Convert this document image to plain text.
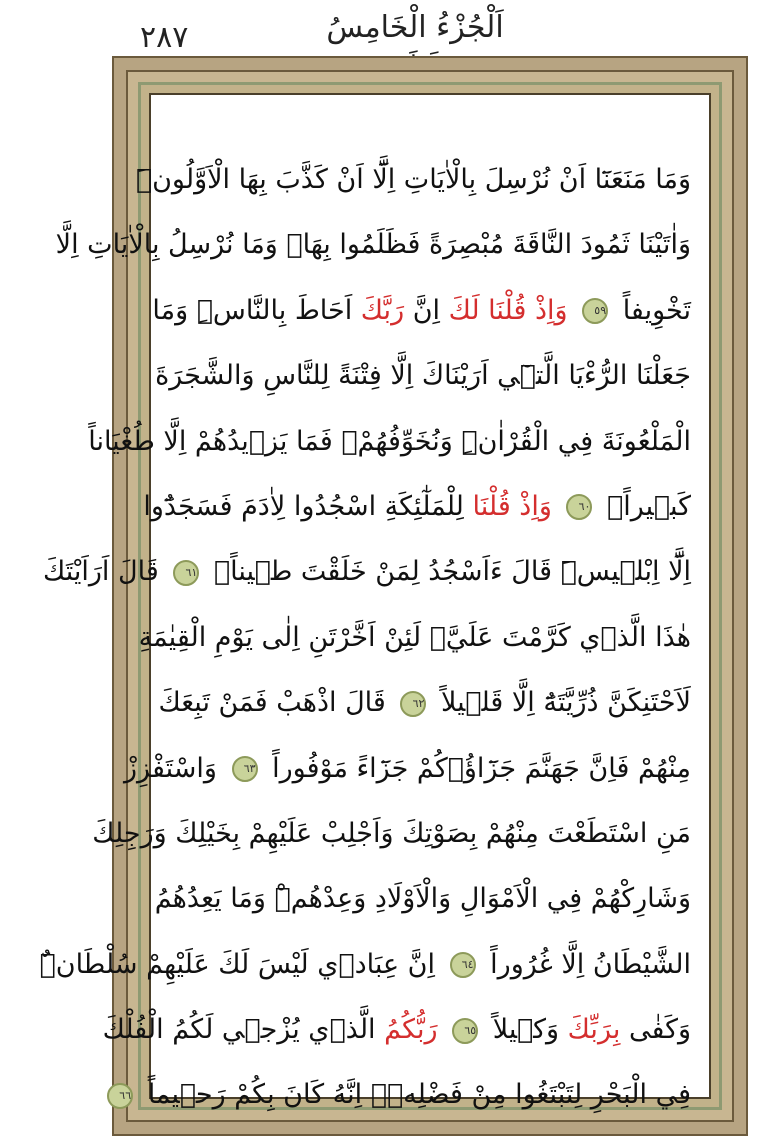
٢٨٧	اَلْجُزْءُ الْخَامِسُ
وَمَا مَنَعَنَٓا اَنْ نُرْسِلَ بِالْاٰيَاتِ اِلَّٓا اَنْ كَذَّبَ بِهَا الْاَوَّلُونَۜ
وَاٰتَيْنَا ثَمُودَ النَّاقَةَ مُبْصِرَةً فَظَلَمُوا بِهَاۜ وَمَا نُرْسِلُ بِالْاٰيَاتِ اِلَّا
تَخْوِيفاً ٥٩ وَاِذْ قُلْنَا لَكَ اِنَّ رَبَّكَ اَحَاطَ بِالنَّاسِۜ وَمَا
جَعَلْنَا الرُّءْيَا الَّت۪ٓي اَرَيْنَاكَ اِلَّا فِتْنَةً لِلنَّاسِ وَالشَّجَرَةَ
الْمَلْعُونَةَ فِي الْقُرْاٰنِۜ وَنُخَوِّفُهُمْۙ فَمَا يَز۪يدُهُمْ اِلَّا طُغْيَاناً
كَب۪يراً۟ ٦٠ وَاِذْ قُلْنَا لِلْمَلٰٓئِكَةِ اسْجُدُوا لِاٰدَمَ فَسَجَدُٓوا
اِلَّٓا اِبْل۪يسَۜ قَالَ ءَاَسْجُدُ لِمَنْ خَلَقْتَ ط۪يناًۚ ٦١ قَالَ اَرَاَيْتَكَ
هٰذَا الَّذ۪ي كَرَّمْتَ عَلَيَّۘ لَئِنْ اَخَّرْتَنِ اِلٰى يَوْمِ الْقِيٰمَةِ
لَاَحْتَنِكَنَّ ذُرِّيَّتَهُٓ اِلَّا قَل۪يلاً ٦٢ قَالَ اذْهَبْ فَمَنْ تَبِعَكَ
مِنْهُمْ فَاِنَّ جَهَنَّمَ جَزَٓاؤُ۬كُمْ جَزَٓاءً مَوْفُوراً ٦٣ وَاسْتَفْزِزْ
مَنِ اسْتَطَعْتَ مِنْهُمْ بِصَوْتِكَ وَاَجْلِبْ عَلَيْهِمْ بِخَيْلِكَ وَرَجِلِكَ
وَشَارِكْهُمْ فِي الْاَمْوَالِ وَالْاَوْلَادِ وَعِدْهُمْۜ وَمَا يَعِدُهُمُ
الشَّيْطَانُ اِلَّا غُرُوراً ٦٤ اِنَّ عِبَاد۪ي لَيْسَ لَكَ عَلَيْهِمْ سُلْطَانٌۜ
وَكَفٰى بِرَبِّكَ وَك۪يلاً ٦٥ رَبُّكُمُ الَّذ۪ي يُزْج۪ي لَكُمُ الْفُلْكَ
فِي الْبَحْرِ لِتَبْتَغُوا مِنْ فَضْلِه۪ۜ اِنَّهُ كَانَ بِكُمْ رَح۪يماً ٦٦
